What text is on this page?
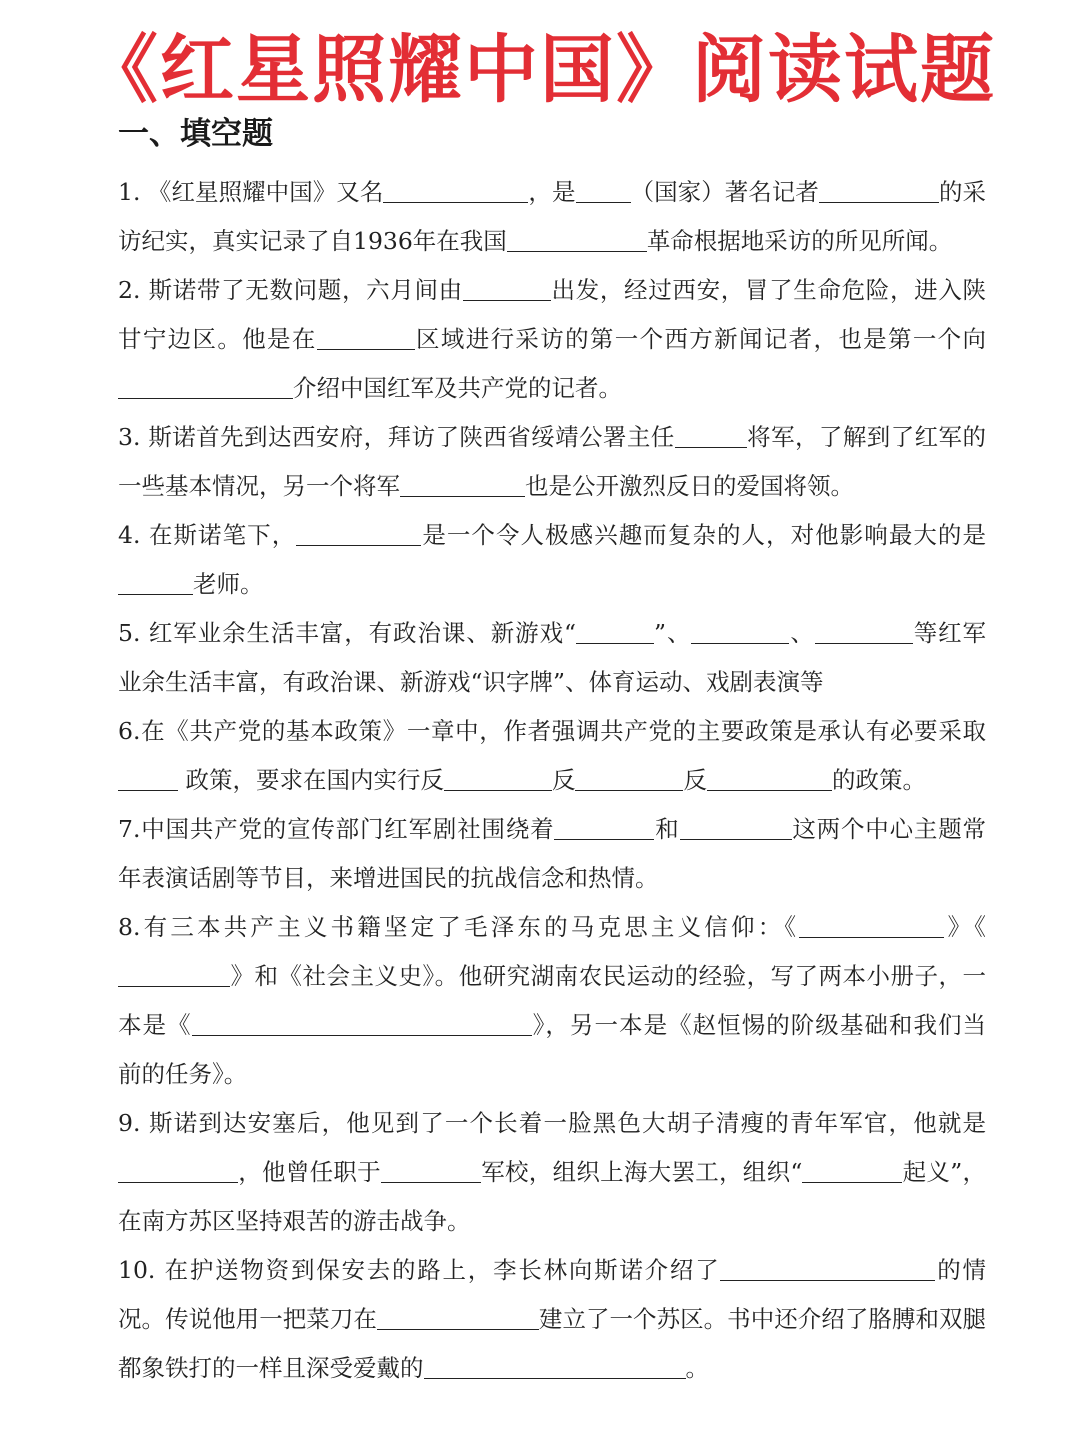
《红星照耀中国》阅读试题
一、填空题

1. 《红星照耀中国》又名	，是 （国家）著名记者	的采访纪实，真实记录了自1936年在我国	革命根据地采访的所见所闻。

2. 斯诺带了无数问题，六月间由	出发，经过西安，冒了生命危险，进入陕甘宁边区。他是在	区域进行采访的第一个西方新闻记者，也是第一个向介绍中国红军及共产党的记者。

3. 斯诺首先到达西安府，拜访了陕西省绥靖公署主任	将军，了解到了红军的一些基本情况，另一个将军	也是公开激烈反日的爱国将领。

4. 在斯诺笔下，	是一个令人极感兴趣而复杂的人，对他影响最大的是老师。

5. 红军业余生活丰富，有政治课、新游戏“	”、	、	等红军业余生活丰富，有政治课、新游戏“识字牌”、体育运动、戏剧表演等

6.在《共产党的基本政策》一章中，作者强调共产党的主要政策是承认有必要采取 政策，要求在国内实行反	反	反	的政策。

7.中国共产党的宣传部门红军剧社围绕着	和	这两个中心主题常年表演话剧等节目，来增进国民的抗战信念和热情。

8.有三本共产主义书籍坚定了毛泽东的马克思主义信仰：《	》《》和《社会主义史》。他研究湖南农民运动的经验，写了两本小册子，一本是《	》，另一本是《赵恒惕的阶级基础和我们当前的任务》。

9. 斯诺到达安塞后，他见到了一个长着一脸黑色大胡子清瘦的青年军官，他就是，他曾任职于	军校，组织上海大罢工，组织“	起义”，在南方苏区坚持艰苦的游击战争。

10. 在护送物资到保安去的路上，李长林向斯诺介绍了	的情况。传说他用一把菜刀在	建立了一个苏区。书中还介绍了胳膊和双腿都象铁打的一样且深受爱戴的	。
